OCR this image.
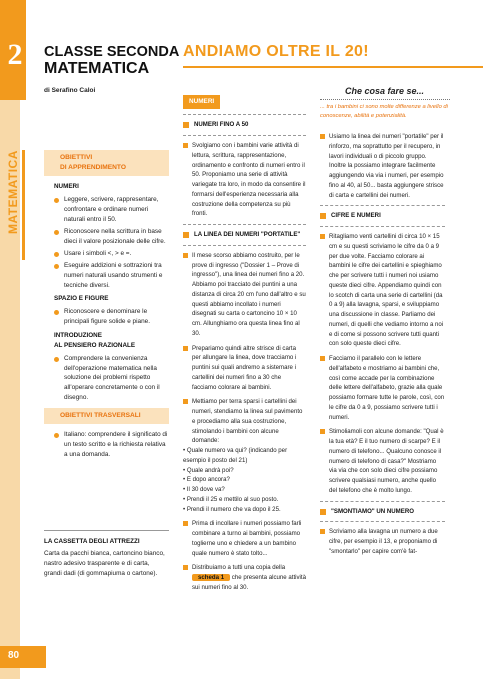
2
MATEMATICA
CLASSE SECONDA
MATEMATICA
di Serafino Caloi
OBIETTIVI
DI APPRENDIMENTO
NUMERI
Leggere, scrivere, rappresentare, confrontare e ordinare numeri naturali entro il 50.
Riconoscere nella scrittura in base dieci il valore posizionale delle cifre.
Usare i simboli <, > e =.
Eseguire addizioni e sottrazioni tra numeri naturali usando strumenti e tecniche diversi.
SPAZIO E FIGURE
Riconoscere e denominare le principali figure solide e piane.
INTRODUZIONE
AL PENSIERO RAZIONALE
Comprendere la convenienza dell'operazione matematica nella soluzione dei problemi rispetto all'operare concretamente o con il disegno.
OBIETTIVI TRASVERSALI
Italiano: comprendere il significato di un testo scritto e la richiesta relativa a una domanda.
LA CASSETTA DEGLI ATTREZZI
Carta da pacchi bianca, cartoncino bianco, nastro adesivo trasparente e di carta, grandi dadi (di gommapiuma o cartone).
ANDIAMO OLTRE IL 20!
NUMERI
NUMERI FINO A 50
Svolgiamo con i bambini varie attività di lettura, scrittura, rappresentazione, ordinamento e confronto di numeri entro il 50. Proponiamo una serie di attività variegate tra loro, in modo da consentire il formarsi dell'esperienza necessaria alla costruzione della competenza su più fronti.
LA LINEA DEI NUMERI "PORTATILE"
Il mese scorso abbiamo costruito, per le prove di ingresso ("Dossier 1 – Prove di ingresso"), una linea dei numeri fino a 20. Abbiamo poi tracciato dei puntini a una distanza di circa 20 cm l'uno dall'altro e su questi abbiamo incollato i numeri disegnati su carta o cartoncino 10 × 10 cm. Allunghiamo ora questa linea fino al 30.
Prepariamo quindi altre strisce di carta per allungare la linea, dove tracciamo i puntini sui quali andremo a sistemare i cartellini dei numeri fino a 30 che facciamo colorare ai bambini.
Mettiamo per terra sparsi i cartellini dei numeri, stendiamo la linea sul pavimento e procediamo alla sua costruzione, stimolando i bambini con alcune domande:
• Quale numero va qui? (indicando per esempio il posto del 21)
• Quale andrà poi?
• E dopo ancora?
• Il 30 dove va?
• Prendi il 25 e mettilo al suo posto.
• Prendi il numero che va dopo il 25.
Prima di incollare i numeri possiamo farli combinare a turno ai bambini, possiamo toglierne uno e chiedere a un bambino quale numero è stato tolto...
Distribuiamo a tutti una copia della scheda 1 che presenta alcune attività sui numeri fino al 30.
Che cosa fare se...
... tra i bambini ci sono molte differenze a livello di conoscenze, abilità e potenzialità.
Usiamo la linea dei numeri "portatile" per il rinforzo, ma soprattutto per il recupero, in lavori individuali o di piccolo gruppo. Inoltre la possiamo integrare facilmente aggiungendo via via i numeri, per esempio fino al 40, al 50... basta aggiungere strisce di carta e cartellini dei numeri.
CIFRE E NUMERI
Ritagliamo venti cartellini di circa 10 × 15 cm e su questi scriviamo le cifre da 0 a 9 per due volte. Facciamo colorare ai bambini le cifre dei cartellini e spieghiamo che per scrivere tutti i numeri noi usiamo queste dieci cifre. Appendiamo quindi con lo scotch di carta una serie di cartellini (da 0 a 9) alla lavagna, sparsi, e sviluppiamo una discussione in classe. Parliamo dei numeri, di quelli che vediamo intorno a noi e di come si possono scrivere tutti quanti con solo queste dieci cifre.
Facciamo il parallelo con le lettere dell'alfabeto e mostriamo ai bambini che, così come accade per la combinazione delle lettere dell'alfabeto, grazie alla quale possiamo formare tutte le parole, così, con le cifre da 0 a 9, possiamo scrivere tutti i numeri.
Stimoliamoli con alcune domande: "Qual è la tua età? E il tuo numero di scarpe? E il numero di telefono... Qualcuno conosce il numero di telefono di casa?" Mostriamo via via che con solo dieci cifre possiamo scrivere qualsiasi numero, anche quello del telefono che è molto lungo.
"SMONTIAMO" UN NUMERO
Scriviamo alla lavagna un numero a due cifre, per esempio il 13, e proponiamo di "smontarlo" per capire com'è fat-
80
